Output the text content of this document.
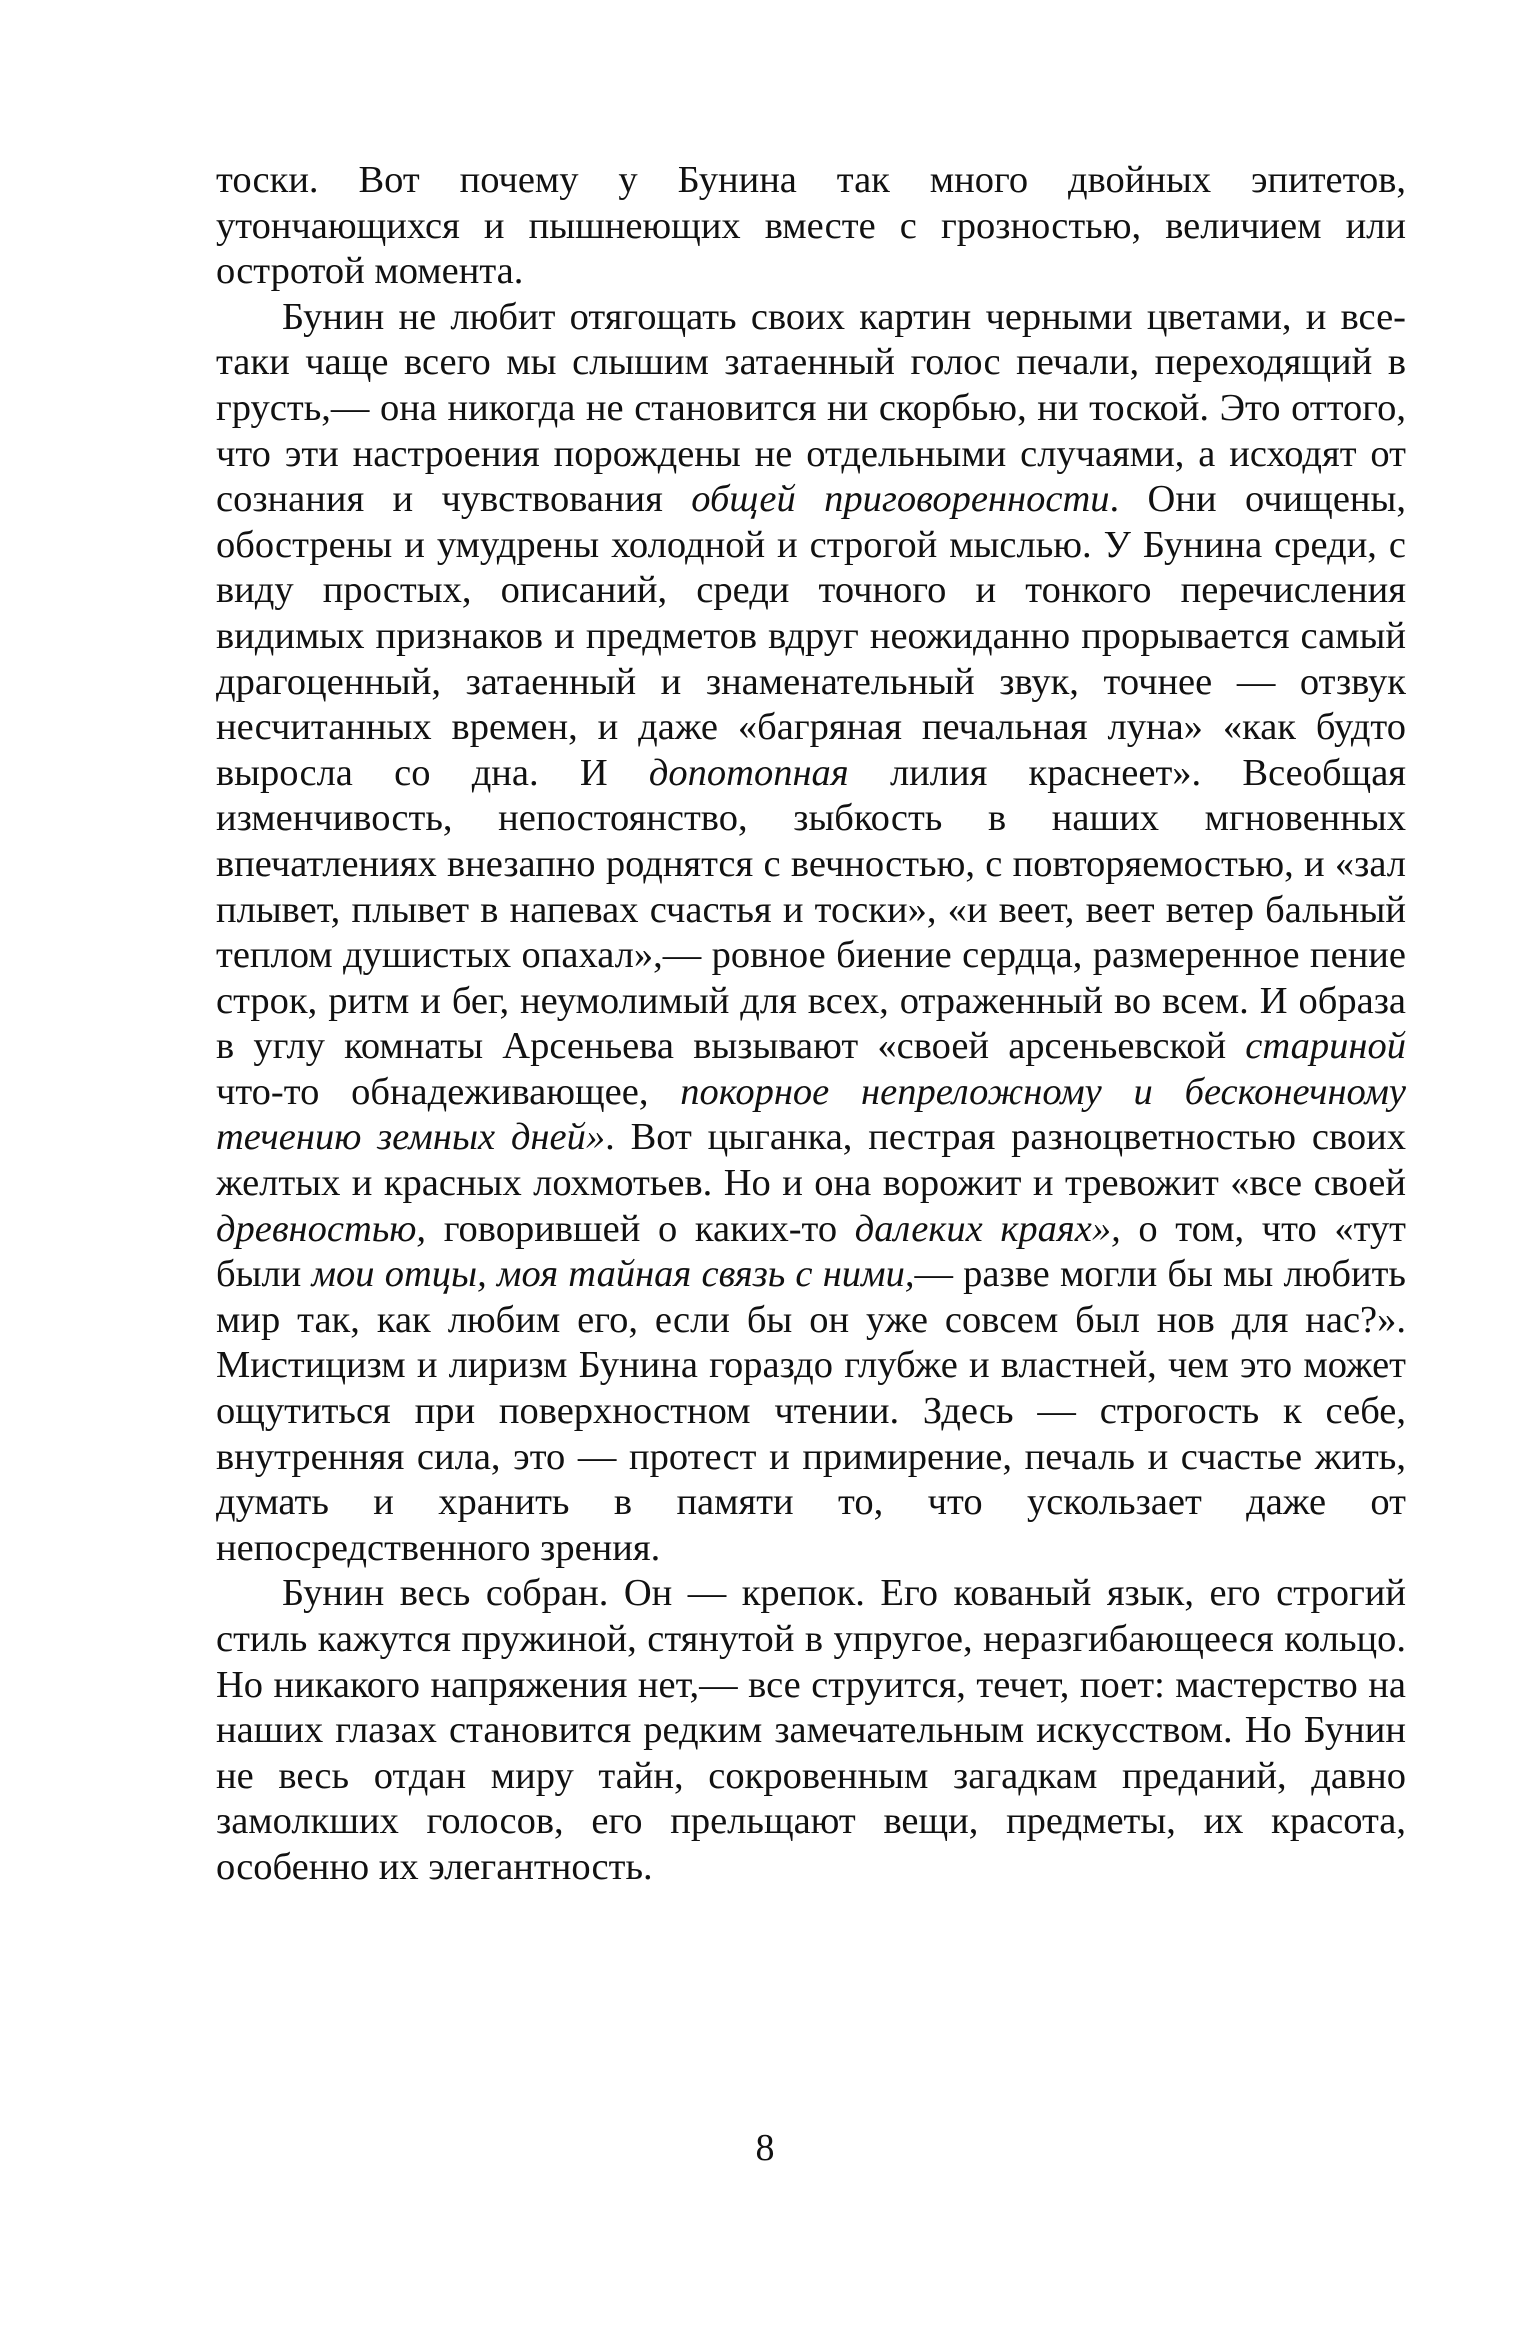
тоски. Вот почему у Бунина так много двойных эпитетов, утончающихся и пышнеющих вместе с грозностью, величием или остротой момента.

Бунин не любит отягощать своих картин черными цветами, и все-таки чаще всего мы слышим затаенный голос печали, переходящий в грусть,— она никогда не становится ни скорбью, ни тоской. Это оттого, что эти настроения порождены не отдельными случаями, а исходят от сознания и чувствования общей приговоренности. Они очищены, обострены и умудрены холодной и строгой мыслью. У Бунина среди, с виду простых, описаний, среди точного и тонкого перечисления видимых признаков и предметов вдруг неожиданно прорывается самый драгоценный, затаенный и знаменательный звук, точнее — отзвук несчитанных времен, и даже «багряная печальная луна» «как будто выросла со дна. И допотопная лилия краснеет». Всеобщая изменчивость, непостоянство, зыбкость в наших мгновенных впечатлениях внезапно роднятся с вечностью, с повторяемостью, и «зал плывет, плывет в напевах счастья и тоски», «и веет, веет ветер бальный теплом душистых опахал»,— ровное биение сердца, размеренное пение строк, ритм и бег, неумолимый для всех, отраженный во всем. И образа в углу комнаты Арсеньева вызывают «своей арсеньевской стариной что-то обнадеживающее, покорное непреложному и бесконечному течению земных дней». Вот цыганка, пестрая разноцветностью своих желтых и красных лохмотьев. Но и она ворожит и тревожит «все своей древностью, говорившей о каких-то далеких краях», о том, что «тут были мои отцы, моя тайная связь с ними,— разве могли бы мы любить мир так, как любим его, если бы он уже совсем был нов для нас?». Мистицизм и лиризм Бунина гораздо глубже и властней, чем это может ощутиться при поверхностном чтении. Здесь — строгость к себе, внутренняя сила, это — протест и примирение, печаль и счастье жить, думать и хранить в памяти то, что ускользает даже от непосредственного зрения.

Бунин весь собран. Он — крепок. Его кованый язык, его строгий стиль кажутся пружиной, стянутой в упругое, неразгибающееся кольцо. Но никакого напряжения нет,— все струится, течет, поет: мастерство на наших глазах становится редким замечательным искусством. Но Бунин не весь отдан миру тайн, сокровенным загадкам преданий, давно замолкших голосов, его прельщают вещи, предметы, их красота, особенно их элегантность.

8
